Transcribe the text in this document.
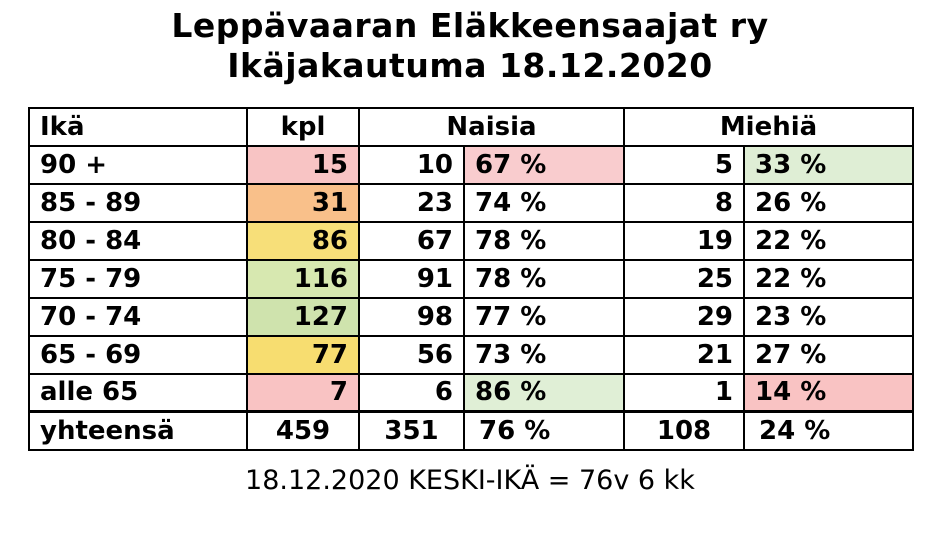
Leppävaaran Eläkkeensaajat ry
Ikäjakautuma 18.12.2020
Ikä	kpl	Naisia		Miehiä	
90 +	15	10	67 %	5	33 %
85 - 89	31	23	74 %	8	26 %
80 - 84	86	67	78 %	19	22 %
75 - 79	116	91	78 %	25	22 %
70 - 74	127	98	77 %	29	23 %
65 - 69	77	56	73 %	21	27 %
alle 65	7	6	86 %	1	14 %
yhteensä	459	351	76 %	108	24 %
18.12.2020 KESKI-IKÄ = 76v 6 kk
